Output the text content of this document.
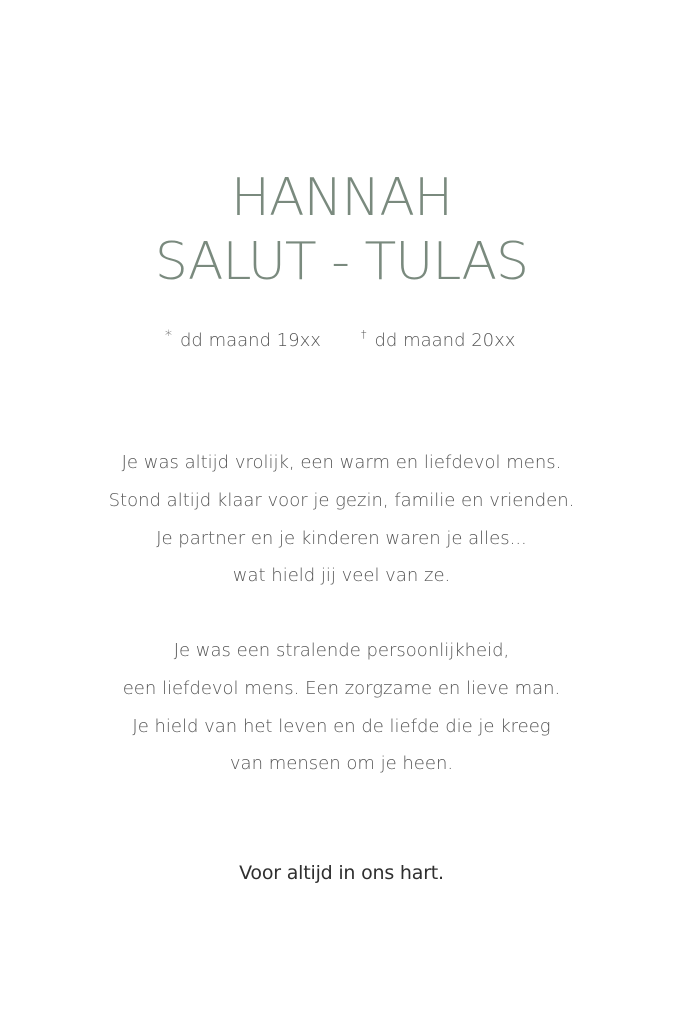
HANNAH
SALUT - TULAS
* dd maand 19xx	† dd maand 20xx
Je was altijd vrolijk, een warm en liefdevol mens.
Stond altijd klaar voor je gezin, familie en vrienden.
Je partner en je kinderen waren je alles...
wat hield jij veel van ze.
Je was een stralende persoonlijkheid,
een liefdevol mens. Een zorgzame en lieve man.
Je hield van het leven en de liefde die je kreeg
van mensen om je heen.
Voor altijd in ons hart.
